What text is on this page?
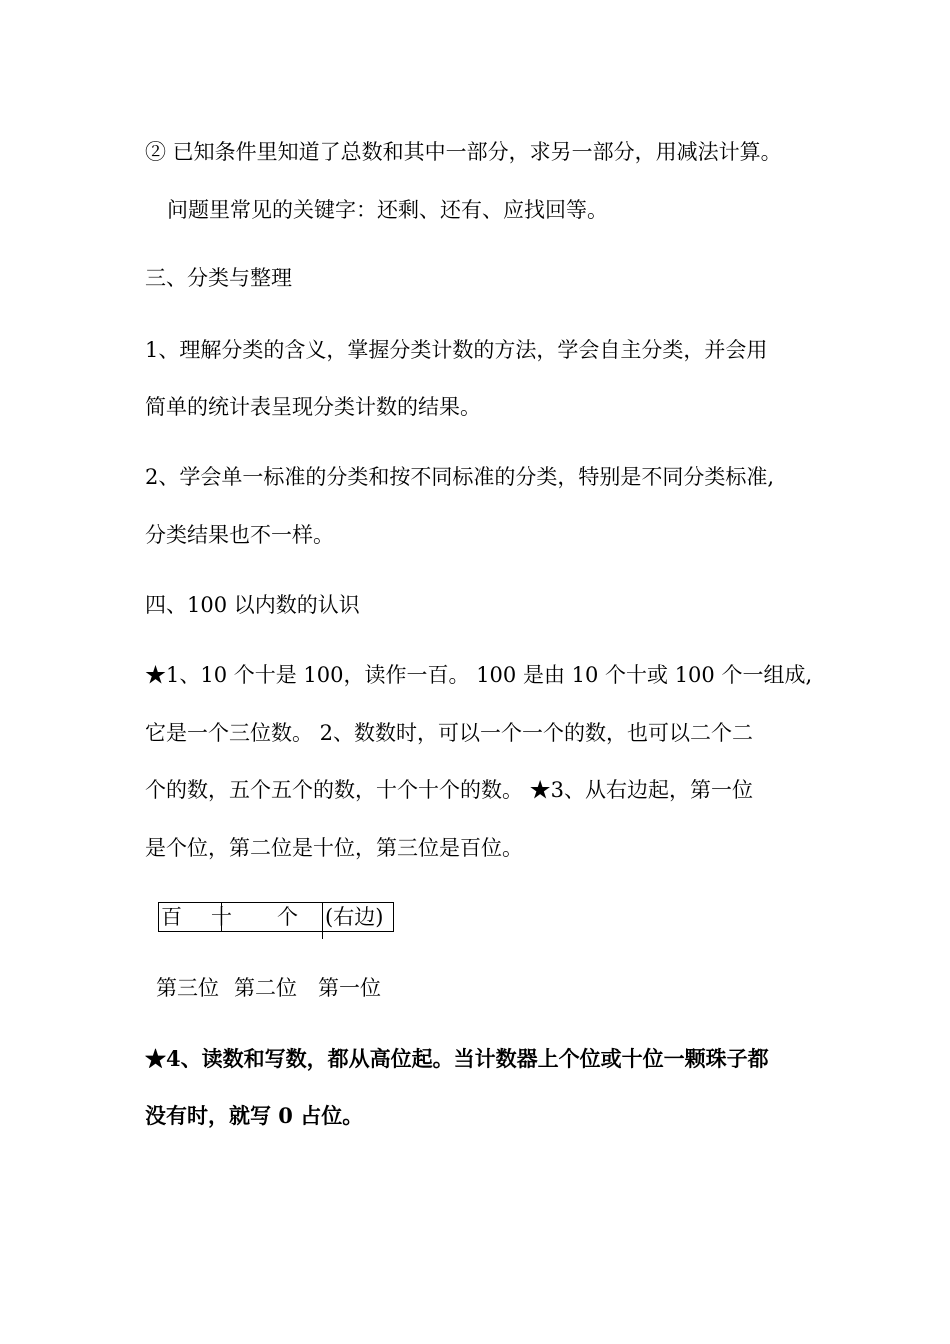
② 已知条件里知道了总数和其中一部分，求另一部分，用减法计算。
问题里常见的关键字：还剩、还有、应找回等。
三、分类与整理
1、理解分类的含义，掌握分类计数的方法，学会自主分类，并会用
简单的统计表呈现分类计数的结果。
2、学会单一标准的分类和按不同标准的分类，特别是不同分类标准,
分类结果也不一样。
四、100 以内数的认识
★1、10 个十是 100，读作一百。 100 是由 10 个十或 100 个一组成,
它是一个三位数。 2、数数时，可以一个一个的数，也可以二个二
个的数，五个五个的数，十个十个的数。 ★3、从右边起，第一位
是个位，第二位是十位，第三位是百位。
百 十 个 (右边)
第三位 第二位 第一位
★4、读数和写数，都从高位起。当计数器上个位或十位一颗珠子都
没有时，就写 0 占位。
